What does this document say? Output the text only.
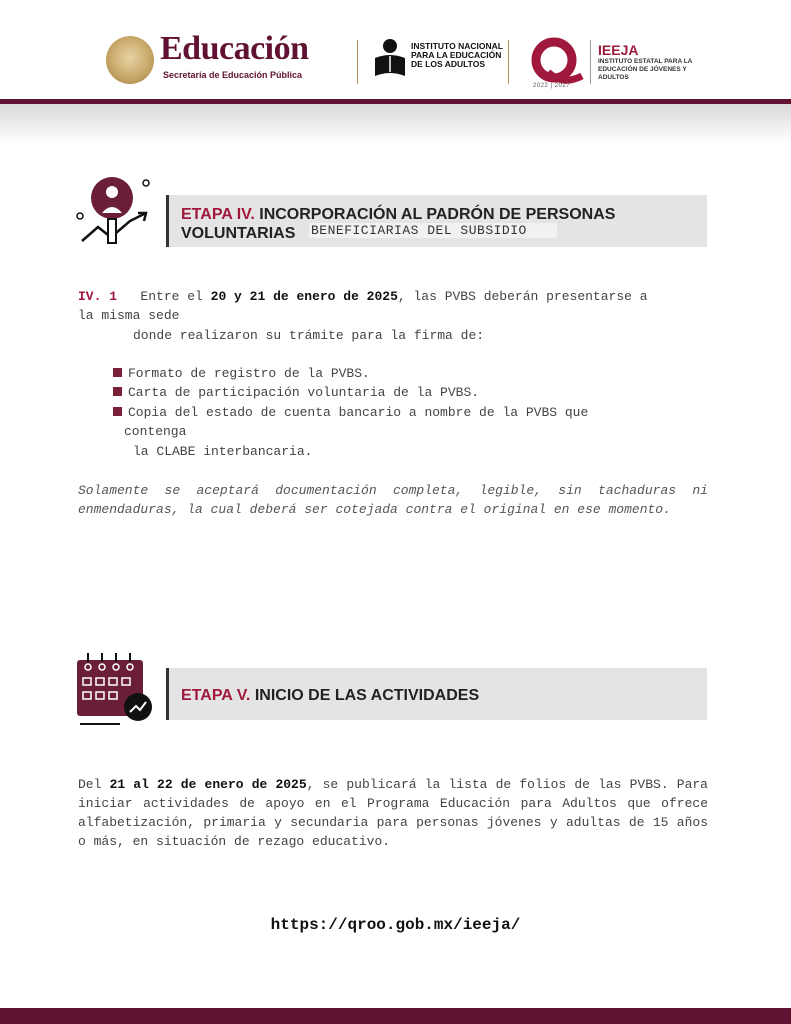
Educación
Secretaría de Educación Pública
INSTITUTO NACIONAL PARA LA EDUCACIÓN DE LOS ADULTOS
2022 | 2027
IEEJA
INSTITUTO ESTATAL PARA LA EDUCACIÓN DE JÓVENES Y ADULTOS
ETAPA IV. INCORPORACIÓN AL PADRÓN DE PERSONAS
VOLUNTARIAS	BENEFICIARIAS DEL SUBSIDIO
IV. 1 Entre el 20 y 21 de enero de 2025, las PVBS deberán presentarse a
la misma sede
donde realizaron su trámite para la firma de:
Formato de registro de la PVBS.
Carta de participación voluntaria de la PVBS.
Copia del estado de cuenta bancario a nombre de la PVBS que
contenga
la CLABE interbancaria.
Solamente se aceptará documentación completa, legible, sin tachaduras ni enmendaduras, la cual deberá ser cotejada contra el original en ese momento.
ETAPA V. INICIO DE LAS ACTIVIDADES
Del 21 al 22 de enero de 2025, se publicará la lista de folios de las PVBS. Para iniciar actividades de apoyo en el Programa Educación para Adultos que ofrece alfabetización, primaria y secundaria para personas jóvenes y adultas de 15 años o más, en situación de rezago educativo.
https://qroo.gob.mx/ieeja/
